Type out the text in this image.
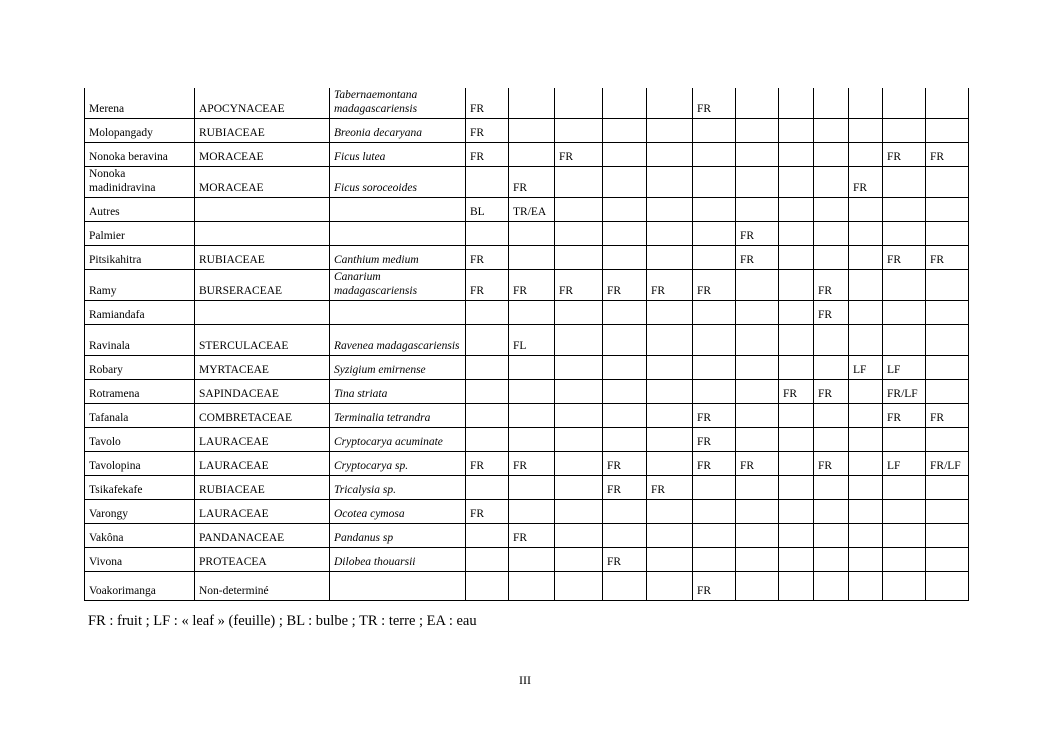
Merena	APOCYNACEAE	Tabernaemontana madagascariensis	FR					FR						
Molopangady	RUBIACEAE	Breonia decaryana	FR											
Nonoka beravina	MORACEAE	Ficus lutea	FR		FR								FR	FR
Nonoka madinidravina	MORACEAE	Ficus soroceoides		FR								FR		
Autres			BL	TR/EA										
Palmier									FR					
Pitsikahitra	RUBIACEAE	Canthium medium	FR						FR				FR	FR
Ramy	BURSERACEAE	Canarium madagascariensis	FR	FR	FR	FR	FR	FR			FR			
Ramiandafa											FR			
Ravinala	STERCULACEAE	Ravenea madagascariensis		FL										
Robary	MYRTACEAE	Syzigium emirnense										LF	LF	
Rotramena	SAPINDACEAE	Tina striata								FR	FR		FR/LF	
Tafanala	COMBRETACEAE	Terminalia tetrandra						FR					FR	FR
Tavolo	LAURACEAE	Cryptocarya acuminate						FR						
Tavolopina	LAURACEAE	Cryptocarya sp.	FR	FR		FR		FR	FR		FR		LF	FR/LF
Tsikafekafe	RUBIACEAE	Tricalysia sp.				FR	FR							
Varongy	LAURACEAE	Ocotea cymosa	FR											
Vakôna	PANDANACEAE	Pandanus sp		FR										
Vivona	PROTEACEA	Dilobea thouarsii				FR								
Voakorimanga	Non-determiné							FR						
FR : fruit ; LF : « leaf » (feuille) ; BL : bulbe ; TR : terre ; EA : eau
III
